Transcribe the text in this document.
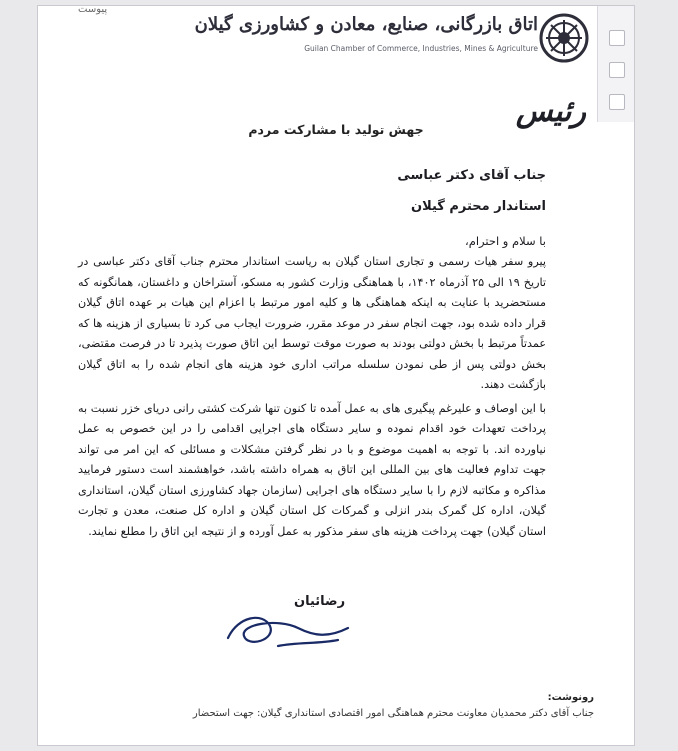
پیوست
اتاق بازرگانی، صنایع، معادن و کشاورزی گیلان
Guilan Chamber of Commerce, Industries, Mines & Agriculture
رئیس
جهش تولید با مشارکت مردم
جناب آقای دکتر عباسی
استاندار محترم گیلان
با سلام و احترام،

پیرو سفر هیات رسمی و تجاری استان گیلان به ریاست استاندار محترم جناب آقای دکتر عباسی در تاریخ ۱۹ الی ۲۵ آذرماه ۱۴۰۲، با هماهنگی وزارت کشور به مسکو، آستراخان و داغستان، همانگونه که مستحضرید با عنایت به اینکه هماهنگی ها و کلیه امور مرتبط با اعزام این هیات بر عهده اتاق گیلان قرار داده شده بود، جهت انجام سفر در موعد مقرر، ضرورت ایجاب می کرد تا بسیاری از هزینه ها که عمدتاً مرتبط با بخش دولتی بودند به صورت موقت توسط این اتاق صورت پذیرد تا در فرصت مقتضی، بخش دولتی پس از طی نمودن سلسله مراتب اداری خود هزینه های انجام شده را به اتاق گیلان بازگشت دهند.

با این اوصاف و علیرغم پیگیری های به عمل آمده تا کنون تنها شرکت کشتی رانی دریای خزر نسبت به پرداخت تعهدات خود اقدام نموده و سایر دستگاه های اجرایی اقدامی را در این خصوص به عمل نیاورده اند. با توجه به اهمیت موضوع و با در نظر گرفتن مشکلات و مسائلی که این امر می تواند جهت تداوم فعالیت های بین المللی این اتاق به همراه داشته باشد، خواهشمند است دستور فرمایید مذاکره و مکاتبه لازم را با سایر دستگاه های اجرایی (سازمان جهاد کشاورزی استان گیلان، استانداری گیلان، اداره کل گمرک بندر انزلی و گمرکات کل استان گیلان و اداره کل صنعت، معدن و تجارت استان گیلان) جهت پرداخت هزینه های سفر مذکور به عمل آورده و از نتیجه این اتاق را مطلع نمایند.

رضائیان
رونوشت:
جناب آقای دکتر محمدیان معاونت محترم هماهنگی امور اقتصادی استانداری گیلان: جهت استحضار
